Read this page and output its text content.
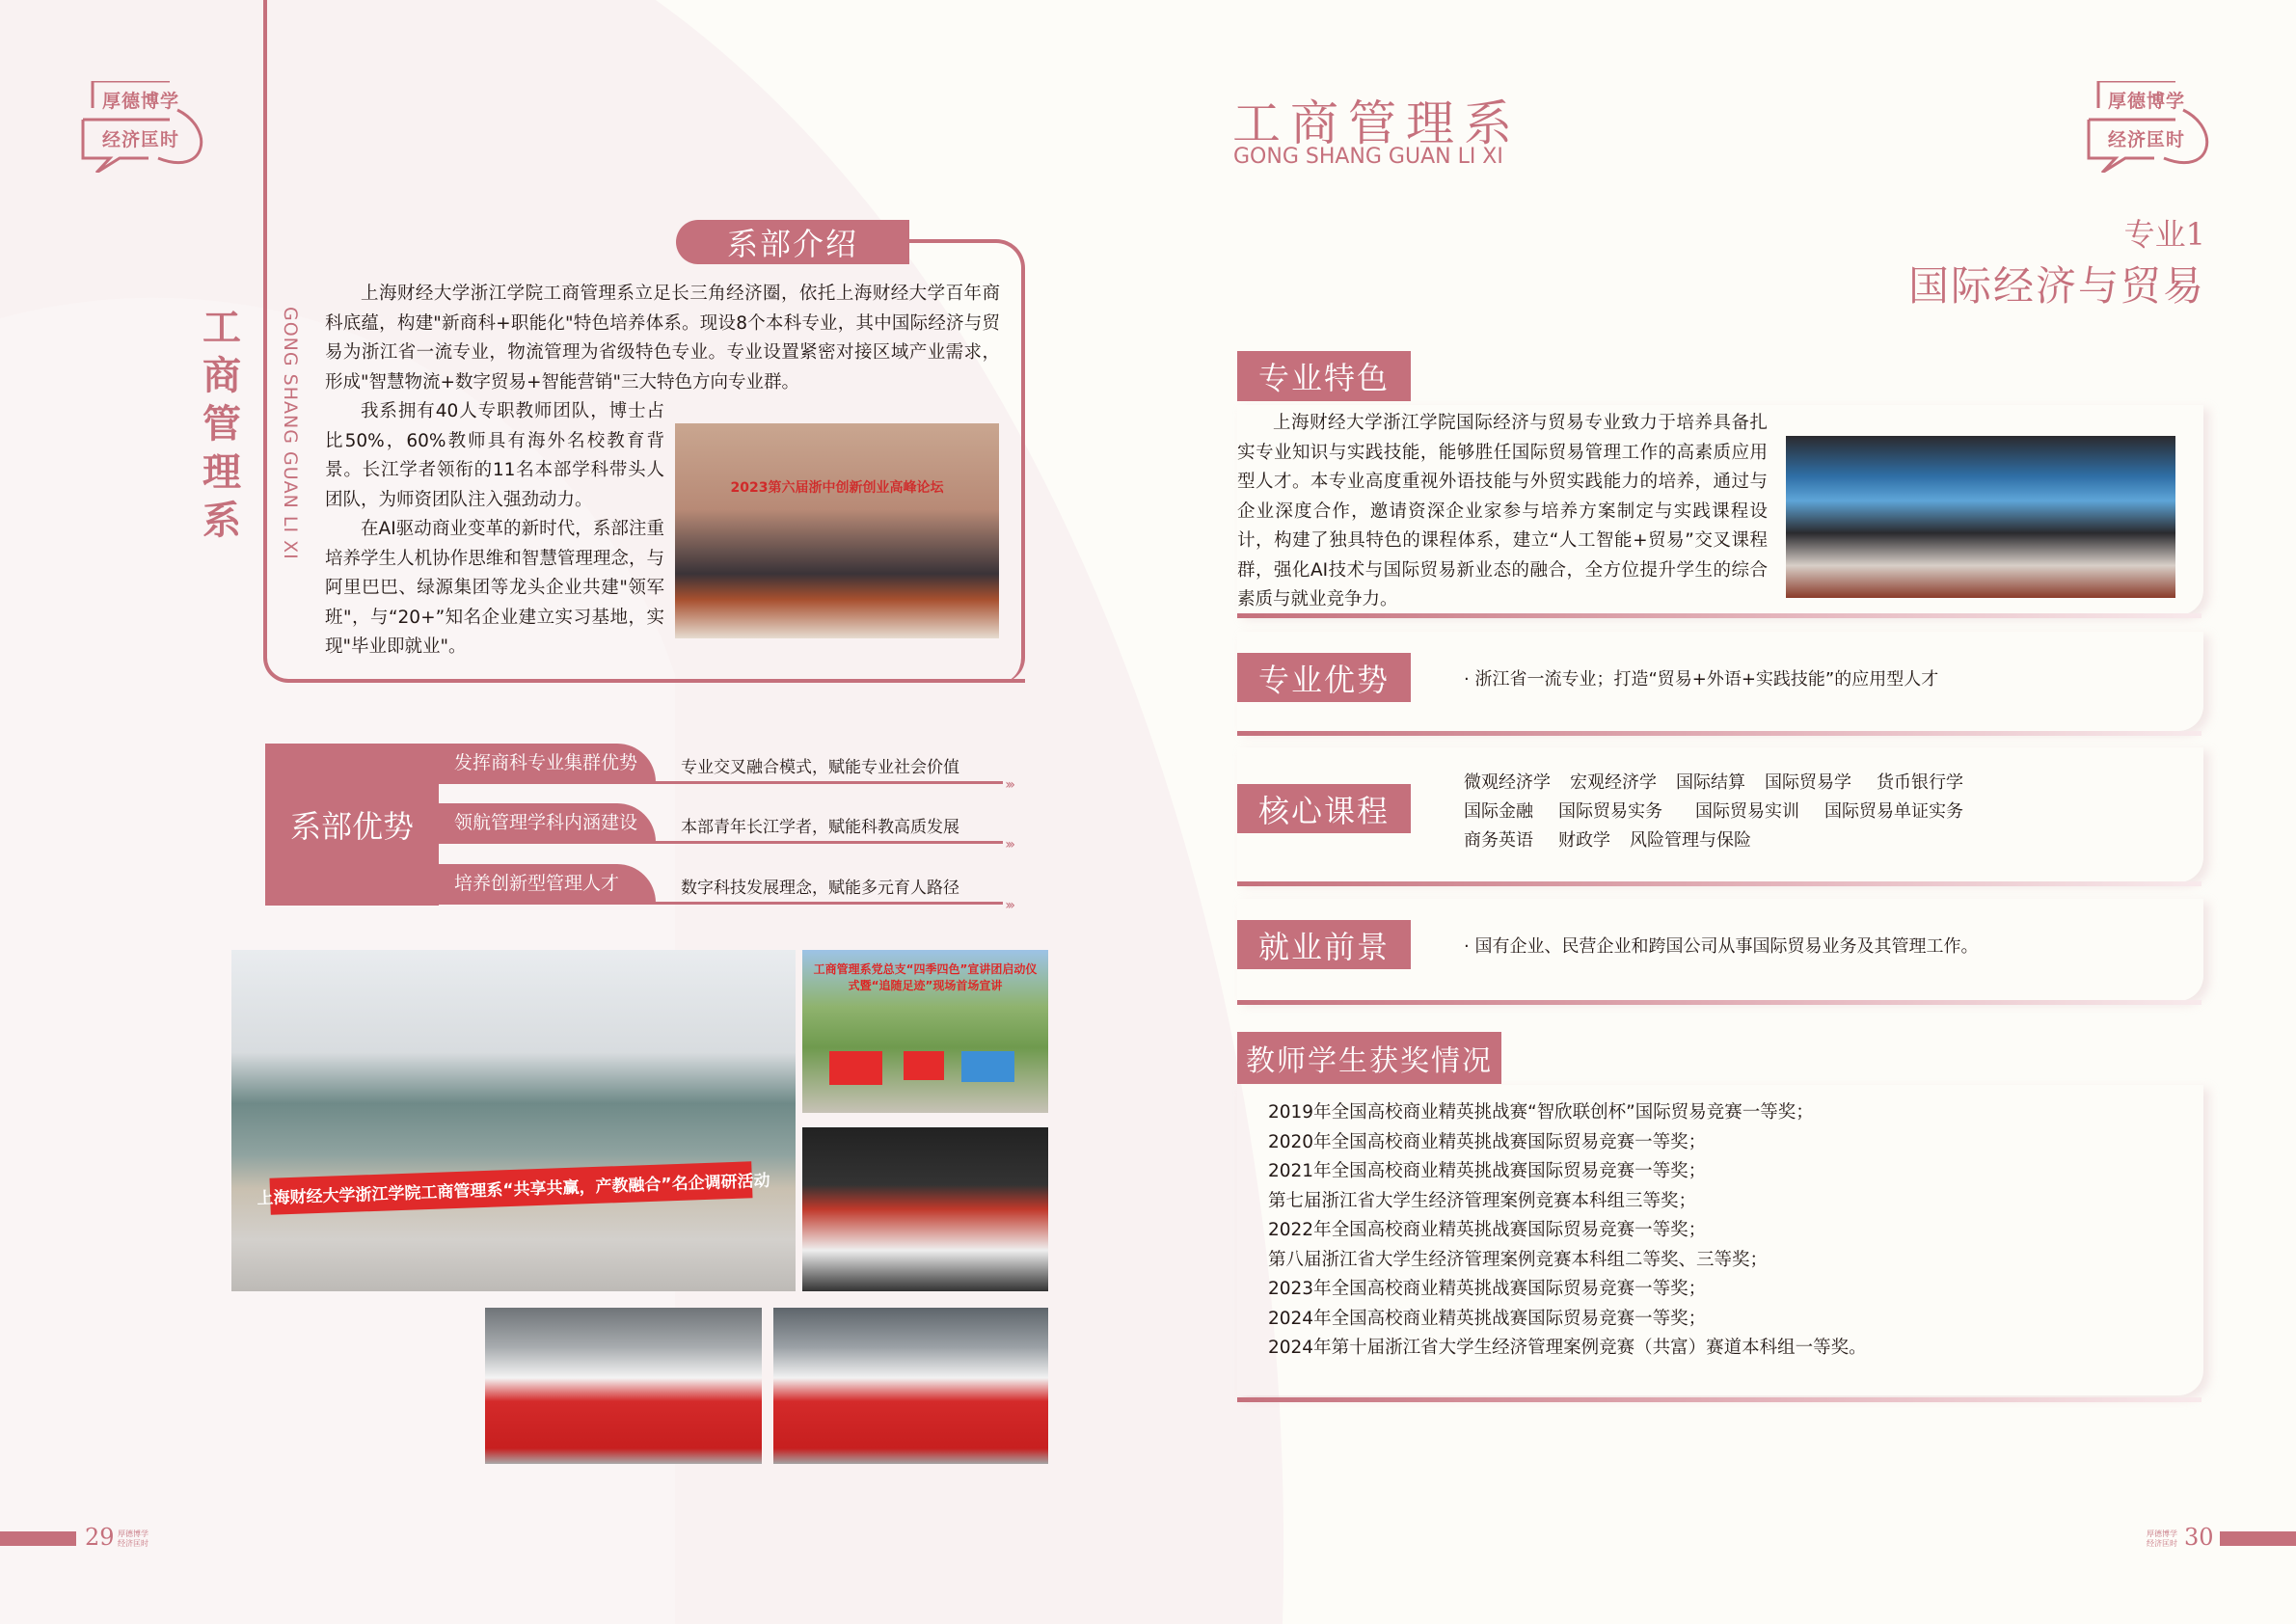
厚德博学
经济匡时
工商管理系 GONG SHANG GUAN LI XI
系部介绍

上海财经大学浙江学院工商管理系立足长三角经济圈，依托上海财经大学百年商科底蕴，构建"新商科+职能化"特色培养体系。现设8个本科专业，其中国际经济与贸易为浙江省一流专业，物流管理为省级特色专业。专业设置紧密对接区域产业需求，形成"智慧物流+数字贸易+智能营销"三大特色方向专业群。

我系拥有40人专职教师团队，博士占比50%，60%教师具有海外名校教育背景。长江学者领衔的11名本部学科带头人团队，为师资团队注入强劲动力。

在AI驱动商业变革的新时代，系部注重培养学生人机协作思维和智慧管理理念，与阿里巴巴、绿源集团等龙头企业共建"领军班"，与“20+”知名企业建立实习基地，实现"毕业即就业"。

2023第六届浙中创新创业高峰论坛
系部优势
发挥商科专业集群优势	专业交叉融合模式，赋能专业社会价值
›››
领航管理学科内涵建设	本部青年长江学者，赋能科教高质发展
›››
培养创新型管理人才	数字科技发展理念，赋能多元育人路径
›››
上海财经大学浙江学院工商管理系“共享共赢，产教融合”名企调研活动
工商管理系党总支“四季四色”宣讲团启动仪式暨“追随足迹”现场首场宣讲
29 厚德博学
经济匡时
工商管理系
GONG SHANG GUAN LI XI
厚德博学
经济匡时
专业1
国际经济与贸易
专业特色

上海财经大学浙江学院国际经济与贸易专业致力于培养具备扎实专业知识与实践技能，能够胜任国际贸易管理工作的高素质应用型人才。本专业高度重视外语技能与外贸实践能力的培养，通过与企业深度合作，邀请资深企业家参与培养方案制定与实践课程设计，构建了独具特色的课程体系，建立“人工智能+贸易”交叉课程群，强化AI技术与国际贸易新业态的融合，全方位提升学生的综合素质与就业竞争力。

专业优势	· 浙江省一流专业；打造“贸易+外语+实践技能”的应用型人才
核心课程
微观经济学 宏观经济学 国际结算 国际贸易学 货币银行学
国际金融 国际贸易实务 国际贸易实训 国际贸易单证实务
商务英语 财政学 风险管理与保险
就业前景	· 国有企业、民营企业和跨国公司从事国际贸易业务及其管理工作。
教师学生获奖情况
2019年全国高校商业精英挑战赛“智欣联创杯”国际贸易竞赛一等奖；
2020年全国高校商业精英挑战赛国际贸易竞赛一等奖；
2021年全国高校商业精英挑战赛国际贸易竞赛一等奖；
第七届浙江省大学生经济管理案例竞赛本科组三等奖；
2022年全国高校商业精英挑战赛国际贸易竞赛一等奖；
第八届浙江省大学生经济管理案例竞赛本科组二等奖、三等奖；
2023年全国高校商业精英挑战赛国际贸易竞赛一等奖；
2024年全国高校商业精英挑战赛国际贸易竞赛一等奖；
2024年第十届浙江省大学生经济管理案例竞赛（共富）赛道本科组一等奖。
厚德博学
经济匡时 30
